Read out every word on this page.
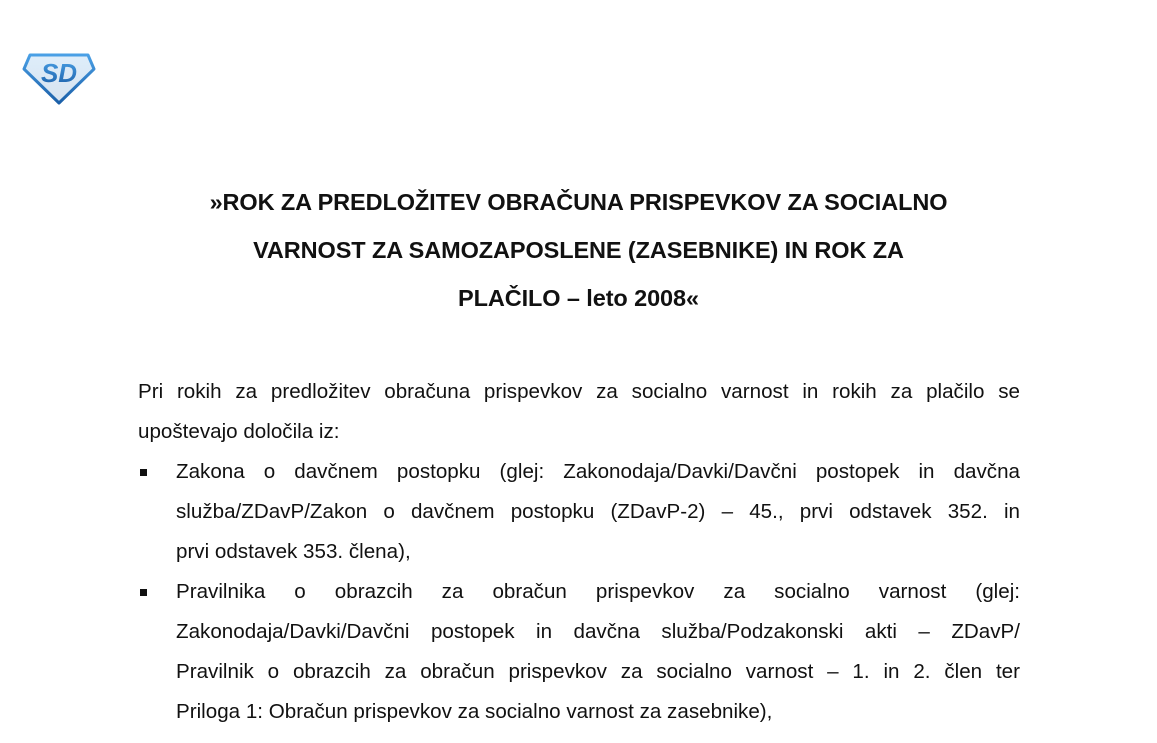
SD
»ROK ZA PREDLOŽITEV OBRAČUNA PRISPEVKOV ZA SOCIALNO
VARNOST ZA SAMOZAPOSLENE (ZASEBNIKE) IN ROK ZA
PLAČILO – leto 2008«

Pri rokih za predložitev obračuna prispevkov za socialno varnost in rokih za plačilo se
upoštevajo določila iz:

Zakona o davčnem postopku (glej: Zakonodaja/Davki/Davčni postopek in davčna
služba/ZDavP/Zakon o davčnem postopku (ZDavP-2) – 45., prvi odstavek 352. in
prvi odstavek 353. člena),
Pravilnika o obrazcih za obračun prispevkov za socialno varnost (glej:
Zakonodaja/Davki/Davčni postopek in davčna služba/Podzakonski akti – ZDavP/
Pravilnik o obrazcih za obračun prispevkov za socialno varnost – 1. in 2. člen ter
Priloga 1: Obračun prispevkov za socialno varnost za zasebnike),
